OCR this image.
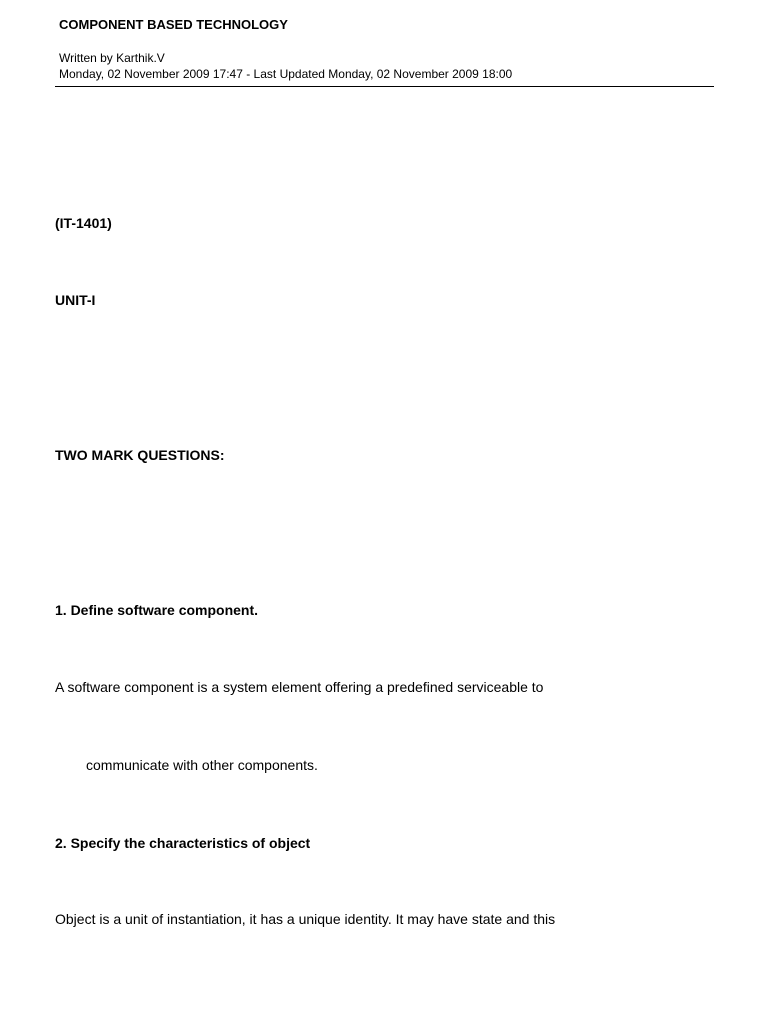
COMPONENT BASED TECHNOLOGY
Written by Karthik.V
Monday, 02 November 2009 17:47 - Last Updated Monday, 02 November 2009 18:00
(IT-1401)
UNIT-I
TWO MARK QUESTIONS:
1. Define software component.
A software component is a system element offering a predefined serviceable to
communicate with other components.
2. Specify the characteristics of object
Object is a unit of instantiation, it has a unique identity. It may have state and this
